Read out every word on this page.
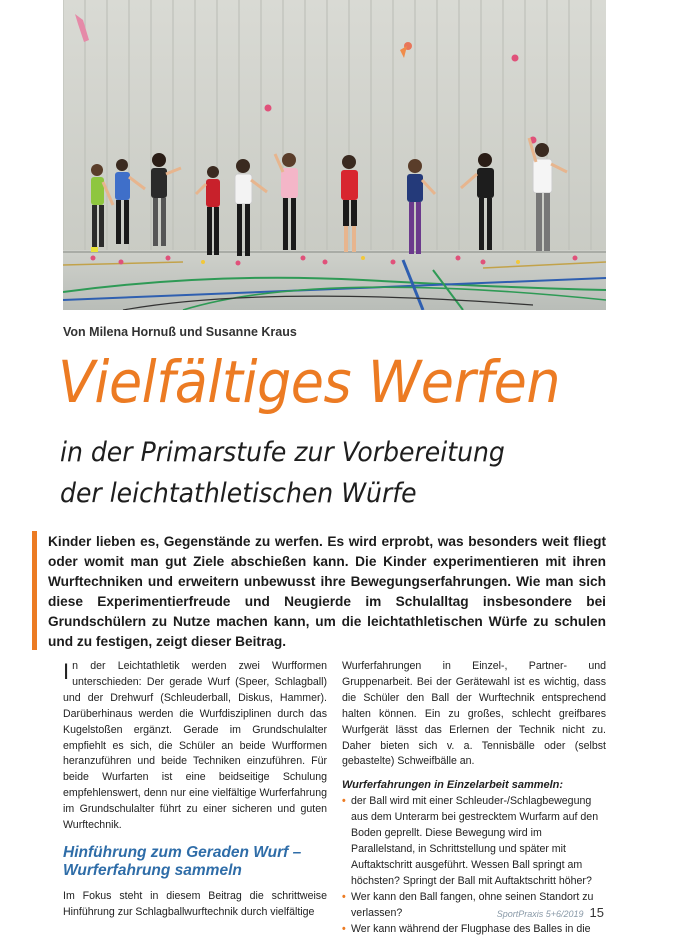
Von Milena Hornuß und Susanne Kraus
Vielfältiges Werfen
in der Primarstufe zur Vorbereitung
der leichtathletischen Würfe

Kinder lieben es, Gegenstände zu werfen. Es wird erprobt, was besonders weit fliegt oder womit man gut Ziele abschießen kann. Die Kinder experimentieren mit ihren Wurftechniken und erweitern unbewusst ihre Bewegungserfahrungen. Wie man sich diese Experimentierfreude und Neugierde im Schulalltag insbesondere bei Grundschülern zu Nutze machen kann, um die leichtathletischen Würfe zu schulen und zu festigen, zeigt dieser Beitrag.

In der Leichtathletik werden zwei Wurfformen unterschieden: Der gerade Wurf (Speer, Schlagball) und der Drehwurf (Schleuderball, Diskus, Hammer). Darüberhinaus werden die Wurfdisziplinen durch das Kugelstoßen ergänzt. Gerade im Grundschulalter empfiehlt es sich, die Schüler an beide Wurfformen heranzuführen und beide Techniken einzuführen. Für beide Wurfarten ist eine beidseitige Schulung empfehlenswert, denn nur eine vielfältige Wurferfahrung im Grundschulalter führt zu einer sicheren und guten Wurftechnik.

Hinführung zum Geraden Wurf – Wurferfahrung sammeln

Im Fokus steht in diesem Beitrag die schrittweise Hinführung zur Schlagballwurftechnik durch vielfältige

Wurferfahrungen in Einzel-, Partner- und Gruppenarbeit. Bei der Gerätewahl ist es wichtig, dass die Schüler den Ball der Wurftechnik entsprechend halten können. Ein zu großes, schlecht greifbares Wurfgerät lässt das Erlernen der Technik nicht zu. Daher bieten sich v. a. Tennisbälle oder (selbst gebastelte) Schweifbälle an.

Wurferfahrungen in Einzelarbeit sammeln:
• der Ball wird mit einer Schleuder-/Schlagbewegung aus dem Unterarm bei gestrecktem Wurfarm auf den Boden geprellt. Diese Bewegung wird im Parallelstand, in Schrittstellung und später mit Auftaktschritt ausgeführt. Wessen Ball springt am höchsten? Springt der Ball mit Auftaktschritt höher?
• Wer kann den Ball fangen, ohne seinen Standort zu verlassen?
• Wer kann während der Flugphase des Balles in die
SportPraxis 5+6/2019 15
